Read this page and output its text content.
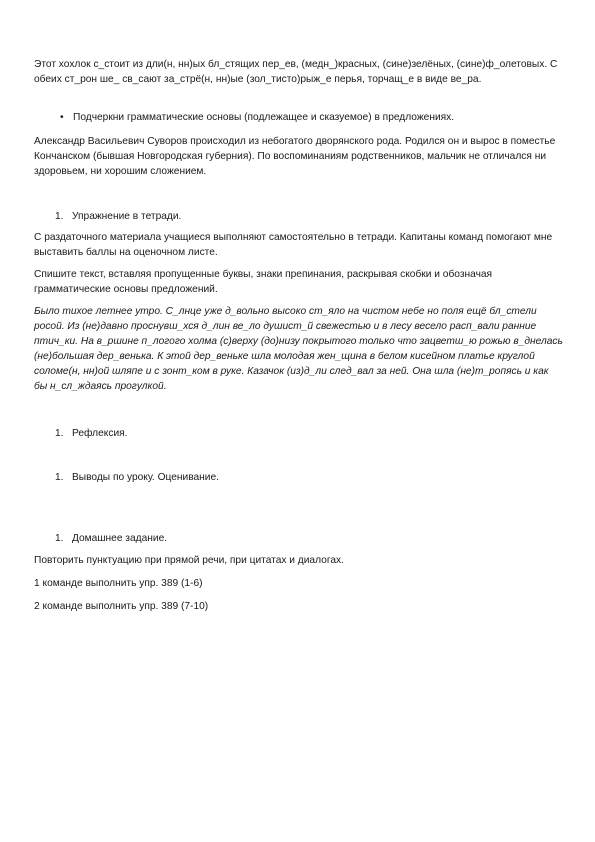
Этот хохлок с_стоит из дли(н, нн)ых бл_стящих пер_ев, (медн_)красных, (сине)зелёных, (сине)ф_олетовых. С обеих ст_рон ше_ св_сают за_стрё(н, нн)ые (зол_тисто)рыж_е перья, торчащ_е в виде ве_ра.

• Подчеркни грамматические основы (подлежащее и сказуемое) в предложениях.

Александр Васильевич Суворов происходил из небогатого дворянского рода. Родился он и вырос в поместье Кончанском (бывшая Новгородская губерния). По воспоминаниям родственников, мальчик не отличался ни здоровьем, ни хорошим сложением.

1. Упражнение в тетради.

С раздаточного материала учащиеся выполняют самостоятельно в тетради. Капитаны команд помогают мне выставить баллы на оценочном листе.

Спишите текст, вставляя пропущенные буквы, знаки препинания, раскрывая скобки и обозначая грамматические основы предложений.

Было тихое летнее утро. С_лнце уже д_вольно высоко ст_яло на чистом небе но поля ещё бл_стели росой. Из (не)давно проснувш_хся д_лин ве_ло душист_й свежестью и в лесу весело расп_вали ранние птич_ки. На в_ршине п_логого холма (с)верху (до)низу покрытого только что зацветш_ю рожью в_днелась (не)большая дер_венька. К этой дер_веньке шла молодая жен_щина в белом кисейном платье круглой соломе(н, нн)ой шляпе и с зонт_ком в руке. Казачок (из)д_ли след_вал за ней. Она шла (не)т_ропясь и как бы н_сл_ждаясь прогулкой.

1. Рефлексия.
1. Выводы по уроку. Оценивание.
1. Домашнее задание.

Повторить пунктуацию при прямой речи, при цитатах и диалогах.

1 команде выполнить упр. 389 (1-6)

2 команде выполнить упр. 389 (7-10)
